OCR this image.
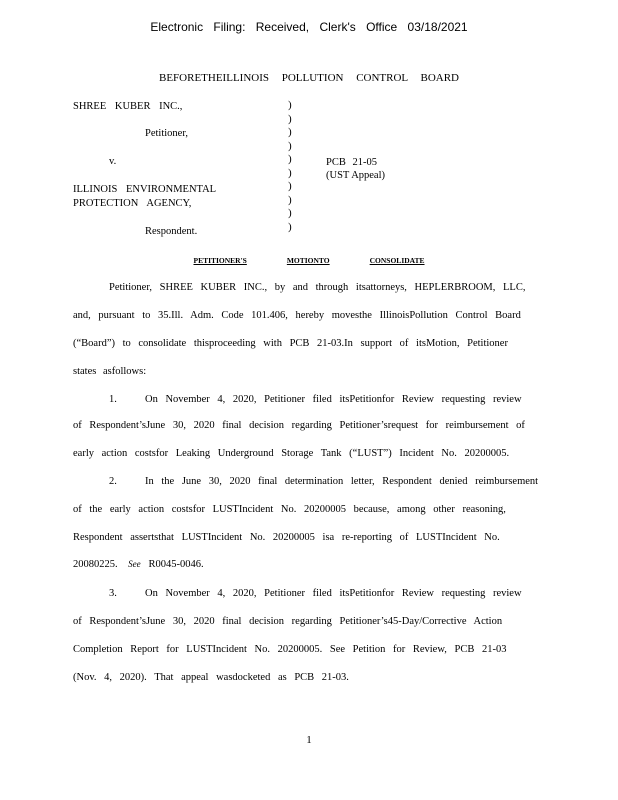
Electronic Filing: Received, Clerk's Office 03/18/2021
BEFORETHEILLINOIS POLLUTION CONTROL BOARD
SHREE KUBER INC.,
Petitioner,
v.
ILLINOIS ENVIRONMENTAL
PROTECTION AGENCY,
Respondent.
)
)
)
)
)
)
)
)
)
)
PCB 21-05
(UST Appeal)
PETITIONER'S	MOTIONTO	CONSOLIDATE
Petitioner, SHREE KUBER INC., by and through itsattorneys, HEPLERBROOM, LLC,
and, pursuant to 35.Ill. Adm. Code 101.406, hereby movesthe IllinoisPollution Control Board
(“Board”) to consolidate thisproceeding with PCB 21-03.In support of itsMotion, Petitioner
states asfollows:
1.	On November 4, 2020, Petitioner filed itsPetitionfor Review requesting review
of Respondent’sJune 30, 2020 final decision regarding Petitioner’srequest for reimbursement of
early action costsfor Leaking Underground Storage Tank (“LUST”) Incident No. 20200005.
2.	In the June 30, 2020 final determination letter, Respondent denied reimbursement
of the early action costsfor LUSTIncident No. 20200005 because, among other reasoning,
Respondent assertsthat LUSTIncident No. 20200005 isa re-reporting of LUSTIncident No.
20080225. See R0045-0046.
3.	On November 4, 2020, Petitioner filed itsPetitionfor Review requesting review
of Respondent’sJune 30, 2020 final decision regarding Petitioner’s45-Day/Corrective Action
Completion Report for LUSTIncident No. 20200005. See Petition for Review, PCB 21-03
(Nov. 4, 2020). That appeal wasdocketed as PCB 21-03.
1
